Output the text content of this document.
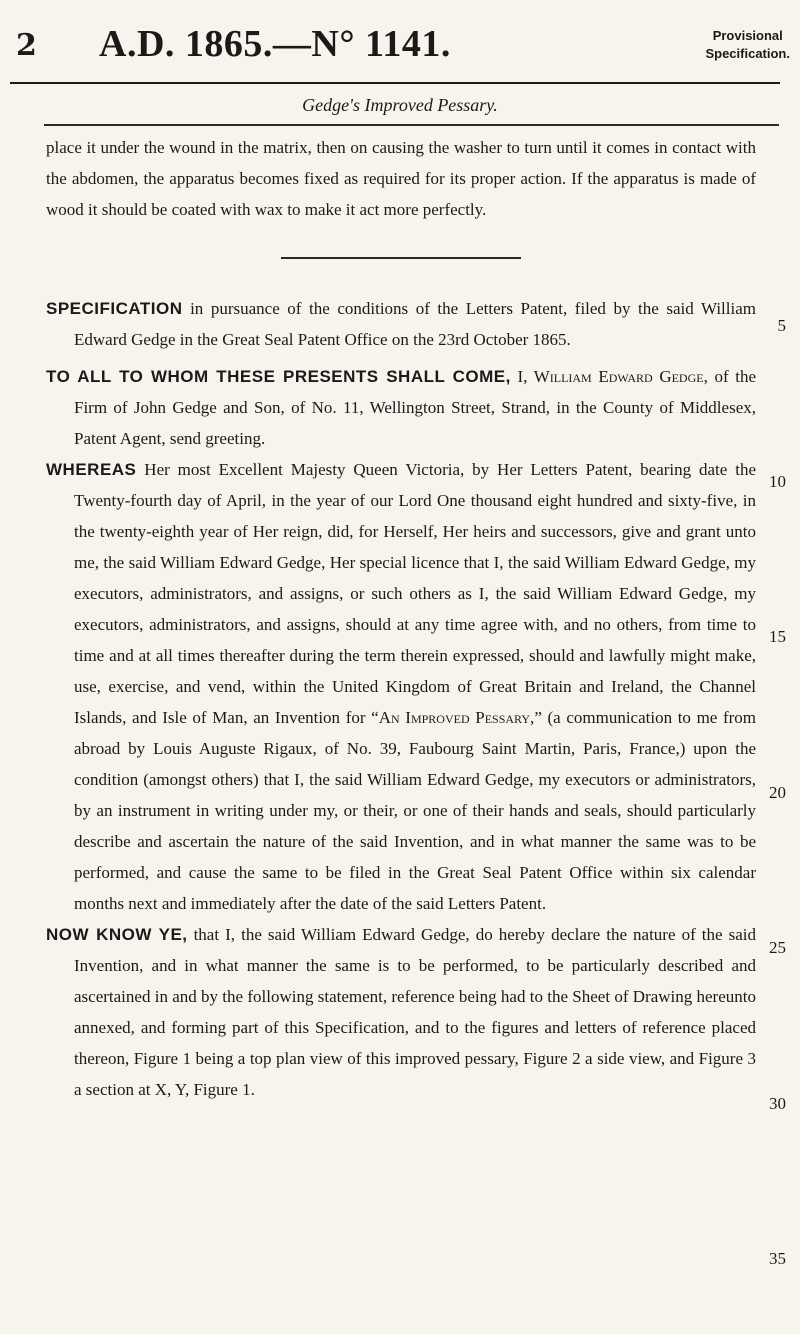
2 A.D. 1865.—N° 1141.	Provisional
Specification.
Gedge's Improved Pessary.

place it under the wound in the matrix, then on causing the washer to turn until it comes in contact with the abdomen, the apparatus becomes fixed as required for its proper action. If the apparatus is made of wood it should be coated with wax to make it act more perfectly.

SPECIFICATION in pursuance of the conditions of the Letters Patent, filed by the said William Edward Gedge in the Great Seal Patent Office on the 23rd October 1865.

TO ALL TO WHOM THESE PRESENTS SHALL COME, I, William Edward Gedge, of the Firm of John Gedge and Son, of No. 11, Wellington Street, Strand, in the County of Middlesex, Patent Agent, send greeting.

WHEREAS Her most Excellent Majesty Queen Victoria, by Her Letters Patent, bearing date the Twenty-fourth day of April, in the year of our Lord One thousand eight hundred and sixty-five, in the twenty-eighth year of Her reign, did, for Herself, Her heirs and successors, give and grant unto me, the said William Edward Gedge, Her special licence that I, the said William Edward Gedge, my executors, administrators, and assigns, or such others as I, the said William Edward Gedge, my executors, administrators, and assigns, should at any time agree with, and no others, from time to time and at all times thereafter during the term therein expressed, should and lawfully might make, use, exercise, and vend, within the United Kingdom of Great Britain and Ireland, the Channel Islands, and Isle of Man, an Invention for “An Improved Pessary,” (a communication to me from abroad by Louis Auguste Rigaux, of No. 39, Faubourg Saint Martin, Paris, France,) upon the condition (amongst others) that I, the said William Edward Gedge, my executors or administrators, by an instrument in writing under my, or their, or one of their hands and seals, should particularly describe and ascertain the nature of the said Invention, and in what manner the same was to be performed, and cause the same to be filed in the Great Seal Patent Office within six calendar months next and immediately after the date of the said Letters Patent.

NOW KNOW YE, that I, the said William Edward Gedge, do hereby declare the nature of the said Invention, and in what manner the same is to be performed, to be particularly described and ascertained in and by the following statement, reference being had to the Sheet of Drawing hereunto annexed, and forming part of this Specification, and to the figures and letters of reference placed thereon, Figure 1 being a top plan view of this improved pessary, Figure 2 a side view, and Figure 3 a section at X, Y, Figure 1.

5
10
15
20
25
30
35
